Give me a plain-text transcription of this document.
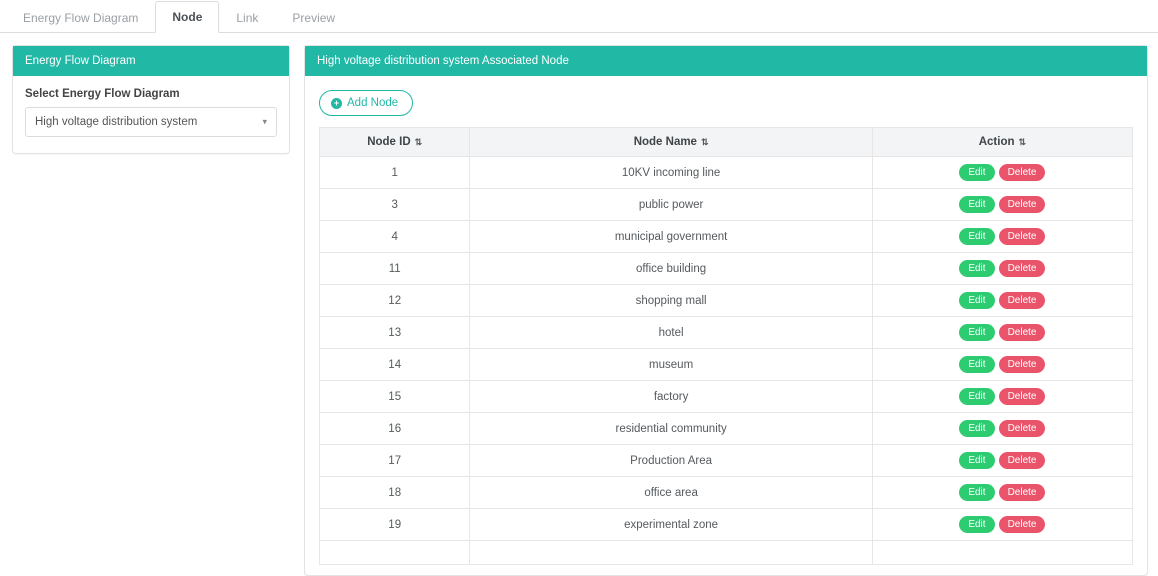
Energy Flow Diagram	Node	Link	Preview
Energy Flow Diagram
Select Energy Flow Diagram
High voltage distribution system	▾
High voltage distribution system Associated Node
+ Add Node
Node ID ⇅	Node Name ⇅	Action ⇅
1	10KV incoming line	Edit Delete
3	public power	Edit Delete
4	municipal government	Edit Delete
11	office building	Edit Delete
12	shopping mall	Edit Delete
13	hotel	Edit Delete
14	museum	Edit Delete
15	factory	Edit Delete
16	residential community	Edit Delete
17	Production Area	Edit Delete
18	office area	Edit Delete
19	experimental zone	Edit Delete
